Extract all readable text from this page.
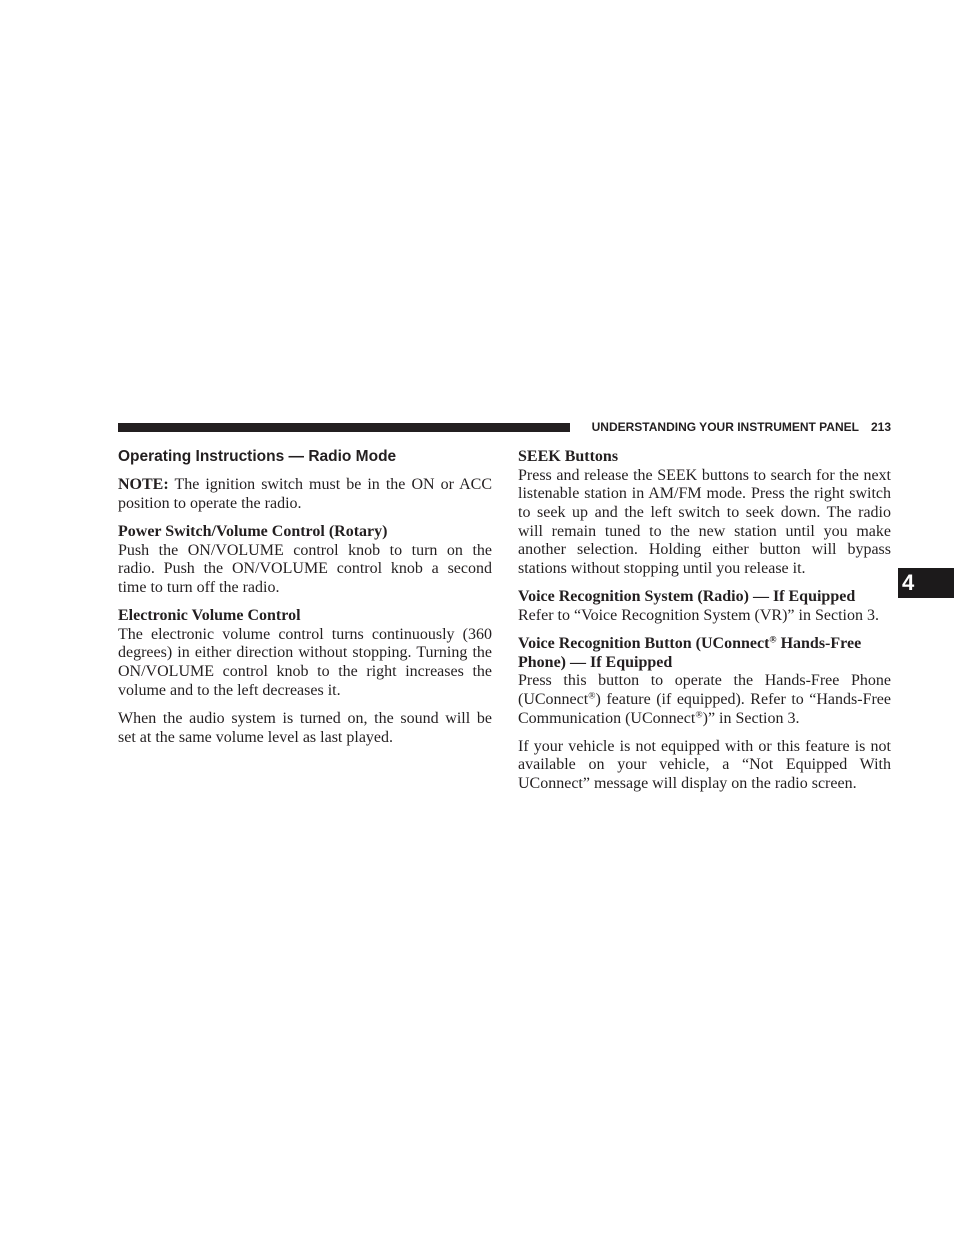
UNDERSTANDING YOUR INSTRUMENT PANEL 213
4
Operating Instructions — Radio Mode
NOTE: The ignition switch must be in the ON or ACC
position to operate the radio.
Power Switch/Volume Control (Rotary)
Push the ON/VOLUME control knob to turn on the
radio. Push the ON/VOLUME control knob a second
time to turn off the radio.
Electronic Volume Control
The electronic volume control turns continuously (360
degrees) in either direction without stopping. Turning the
ON/VOLUME control knob to the right increases the
volume and to the left decreases it.
When the audio system is turned on, the sound will be
set at the same volume level as last played.
SEEK Buttons
Press and release the SEEK buttons to search for the next
listenable station in AM/FM mode. Press the right switch
to seek up and the left switch to seek down. The radio
will remain tuned to the new station until you make
another selection. Holding either button will bypass
stations without stopping until you release it.
Voice Recognition System (Radio) — If Equipped
Refer to “Voice Recognition System (VR)” in Section 3.
Voice Recognition Button (UConnect® Hands-Free
Phone) — If Equipped
Press this button to operate the Hands-Free Phone
(UConnect®) feature (if equipped). Refer to “Hands-Free
Communication (UConnect®)” in Section 3.
If your vehicle is not equipped with or this feature is not
available on your vehicle, a “Not Equipped With
UConnect” message will display on the radio screen.
